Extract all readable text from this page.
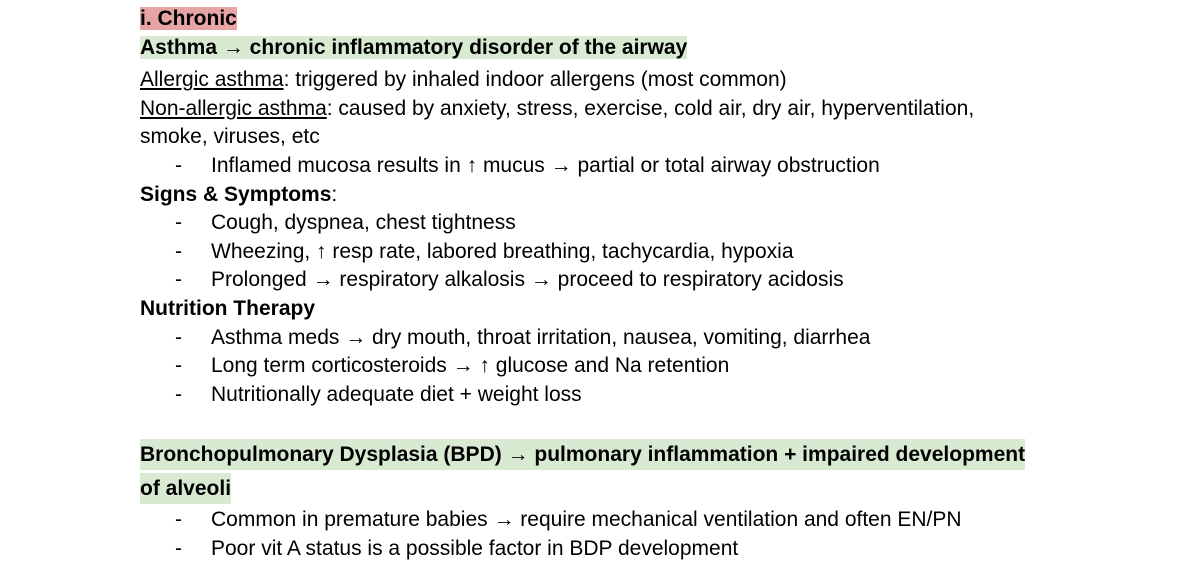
i. Chronic
Asthma → chronic inflammatory disorder of the airway
Allergic asthma: triggered by inhaled indoor allergens (most common)
Non-allergic asthma: caused by anxiety, stress, exercise, cold air, dry air, hyperventilation,
smoke, viruses, etc
- Inflamed mucosa results in ↑ mucus → partial or total airway obstruction
Signs & Symptoms:
- Cough, dyspnea, chest tightness
- Wheezing, ↑ resp rate, labored breathing, tachycardia, hypoxia
- Prolonged → respiratory alkalosis → proceed to respiratory acidosis
Nutrition Therapy
- Asthma meds → dry mouth, throat irritation, nausea, vomiting, diarrhea
- Long term corticosteroids → ↑ glucose and Na retention
- Nutritionally adequate diet + weight loss
Bronchopulmonary Dysplasia (BPD) → pulmonary inflammation + impaired development
of alveoli
- Common in premature babies → require mechanical ventilation and often EN/PN
- Poor vit A status is a possible factor in BDP development
